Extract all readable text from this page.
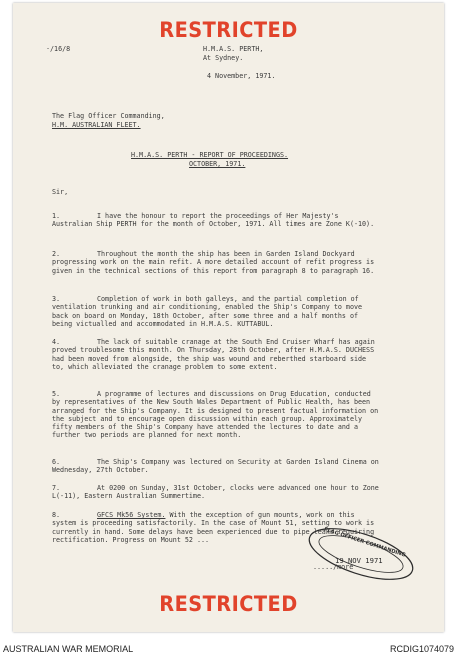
RESTRICTED
·/16/8	H.M.A.S. PERTH,
At Sydney.
4 November, 1971.
The Flag Officer Commanding,
H.M. AUSTRALIAN FLEET.
H.M.A.S. PERTH - REPORT OF PROCEEDINGS.
OCTOBER, 1971.
Sir,
1.	I have the honour to report the proceedings of Her Majesty's Australian Ship PERTH for the month of October, 1971. All times are Zone K(-10).
2.	Throughout the month the ship has been in Garden Island Dockyard progressing work on the main refit. A more detailed account of refit progress is given in the technical sections of this report from paragraph 8 to paragraph 16.
3.	Completion of work in both galleys, and the partial completion of ventilation trunking and air conditioning, enabled the Ship's Company to move back on board on Monday, 18th October, after some three and a half months of being victualled and accommodated in H.M.A.S. KUTTABUL.
4.	The lack of suitable cranage at the South End Cruiser Wharf has again proved troublesome this month. On Thursday, 28th October, after H.M.A.S. DUCHESS had been moved from alongside, the ship was wound and reberthed starboard side to, which alleviated the cranage problem to some extent.
5.	A programme of lectures and discussions on Drug Education, conducted by representatives of the New South Wales Department of Public Health, has been arranged for the Ship's Company. It is designed to present factual information on the subject and to encourage open discussion within each group. Approximately fifty members of the Ship's Company have attended the lectures to date and a further two periods are planned for next month.
6.	The Ship's Company was lectured on Security at Garden Island Cinema on Wednesday, 27th October.
7.	At 0200 on Sunday, 31st October, clocks were advanced one hour to Zone L(-11), Eastern Australian Summertime.
8.	GFCS Mk56 System. With the exception of gun mounts, work on this system is proceeding satisfactorily. In the case of Mount 51, setting to work is currently in hand. Some delays have been experienced due to pipe leaks requiring rectification. Progress on Mount 52 ...	FLAG OFFICER COMMANDING
19 NOV 1971
...../more
RESTRICTED
AUSTRALIAN WAR MEMORIAL	RCDIG1074079
